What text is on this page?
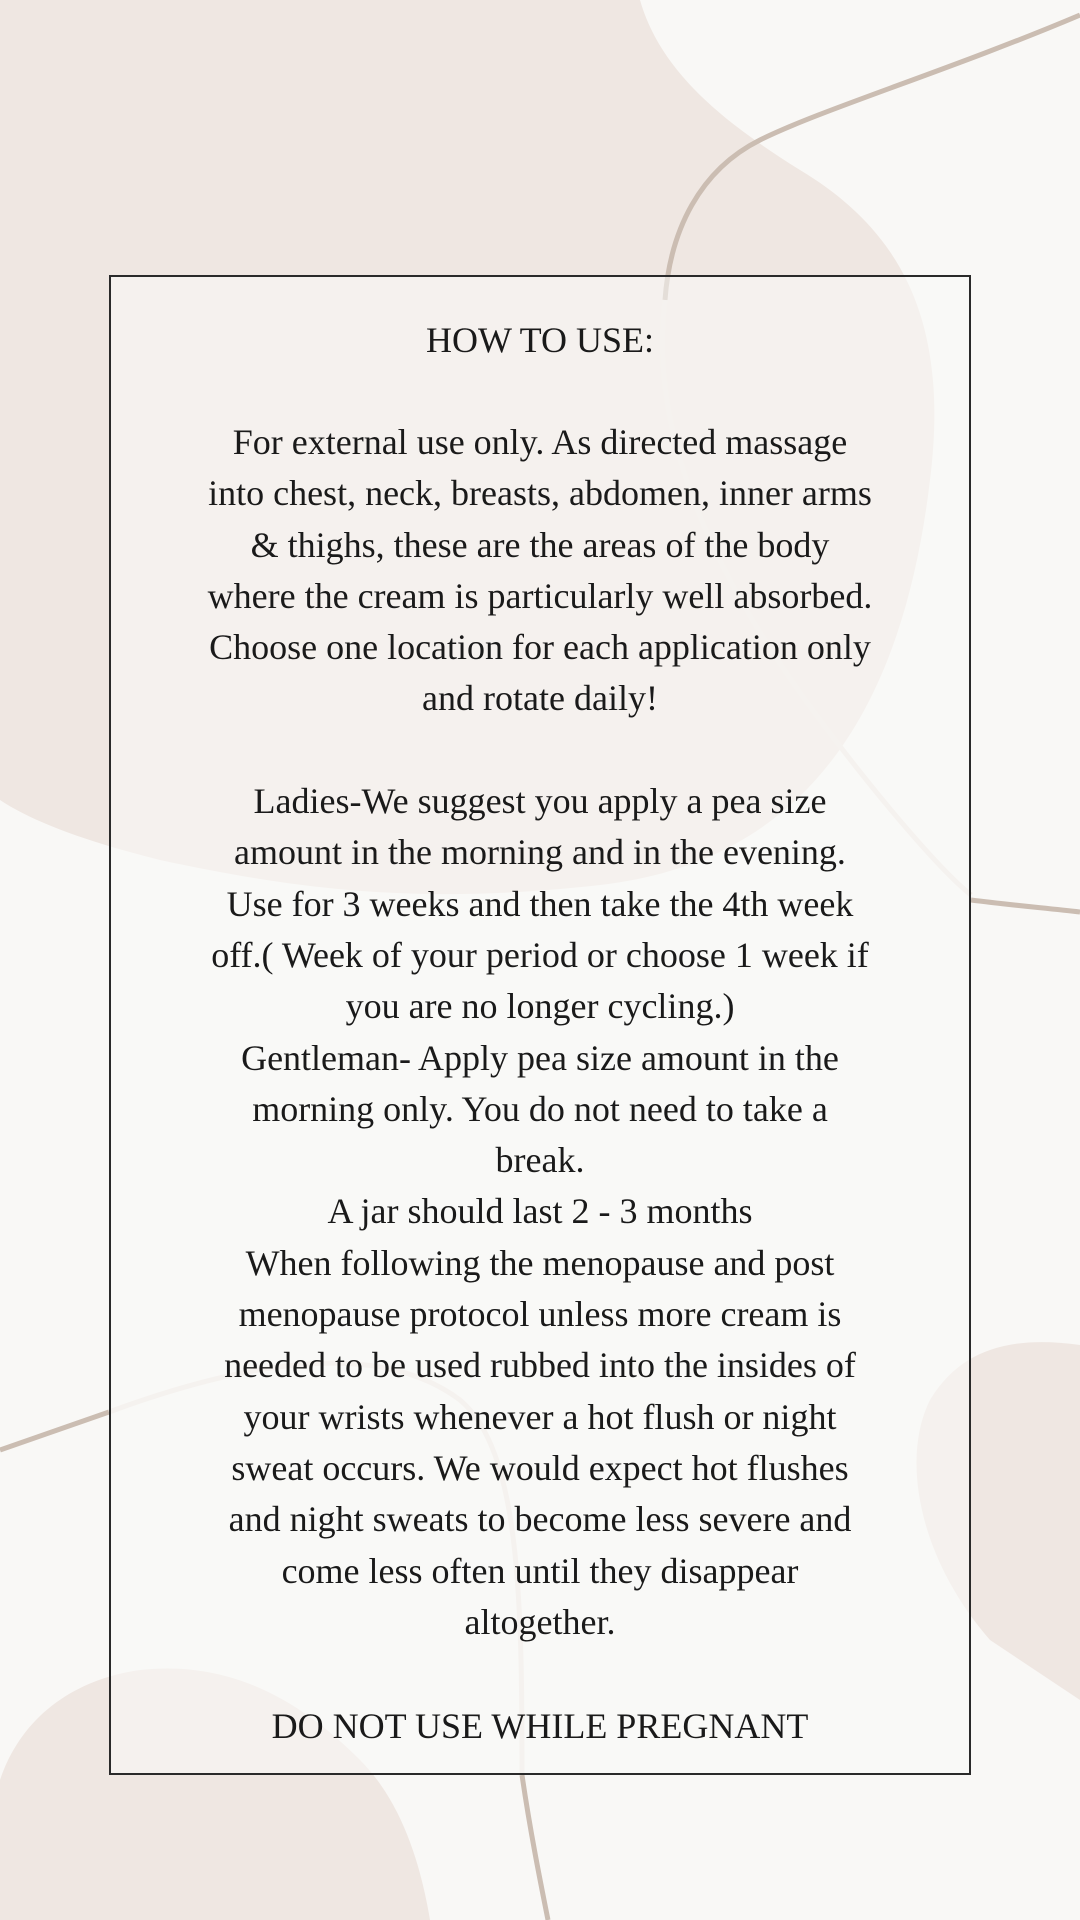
HOW TO USE:

For external use only. As directed massage

into chest, neck, breasts, abdomen, inner arms

& thighs, these are the areas of the body

where the cream is particularly well absorbed.

Choose one location for each application only

and rotate daily!

Ladies-We suggest you apply a pea size

amount in the morning and in the evening.

Use for 3 weeks and then take the 4th week

off.( Week of your period or choose 1 week if

you are no longer cycling.)

Gentleman- Apply pea size amount in the

morning only. You do not need to take a

break.

A jar should last 2 - 3 months

When following the menopause and post

menopause protocol unless more cream is

needed to be used rubbed into the insides of

your wrists whenever a hot flush or night

sweat occurs. We would expect hot flushes

and night sweats to become less severe and

come less often until they disappear

altogether.

DO NOT USE WHILE PREGNANT
